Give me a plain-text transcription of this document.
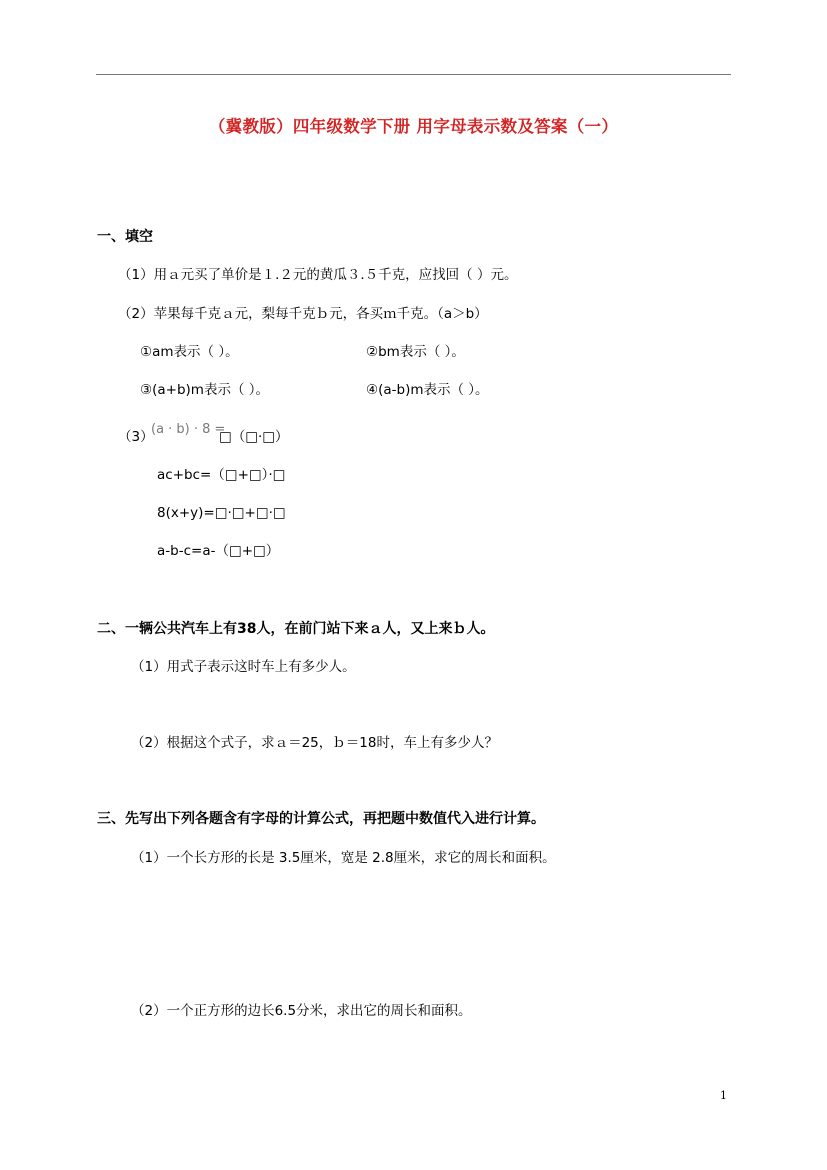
（冀教版）四年级数学下册 用字母表示数及答案（一）
一、填空
（1）用ａ元买了单价是１.２元的黄瓜３.５千克，应找回（ ）元。
（2）苹果每千克ａ元，梨每千克ｂ元，各买ｍ千克。（a＞b）
①am表示（ ）。	②bm表示（ ）。
③(a+b)m表示（ ）。	④(a-b)m表示（ ）。
（3）
(a · b) · 8 =
□（□·□）
ac+bc=（□+□）·□
8(x+y)=□·□+□·□
a-b-c=a-（□+□）
二、一辆公共汽车上有38人，在前门站下来ａ人，又上来ｂ人。
（1）用式子表示这时车上有多少人。
（2）根据这个式子，求ａ＝25，ｂ＝18时，车上有多少人？
三、先写出下列各题含有字母的计算公式，再把题中数值代入进行计算。
（1）一个长方形的长是 3.5厘米，宽是 2.8厘米，求它的周长和面积。
（2）一个正方形的边长6.5分米，求出它的周长和面积。
1
